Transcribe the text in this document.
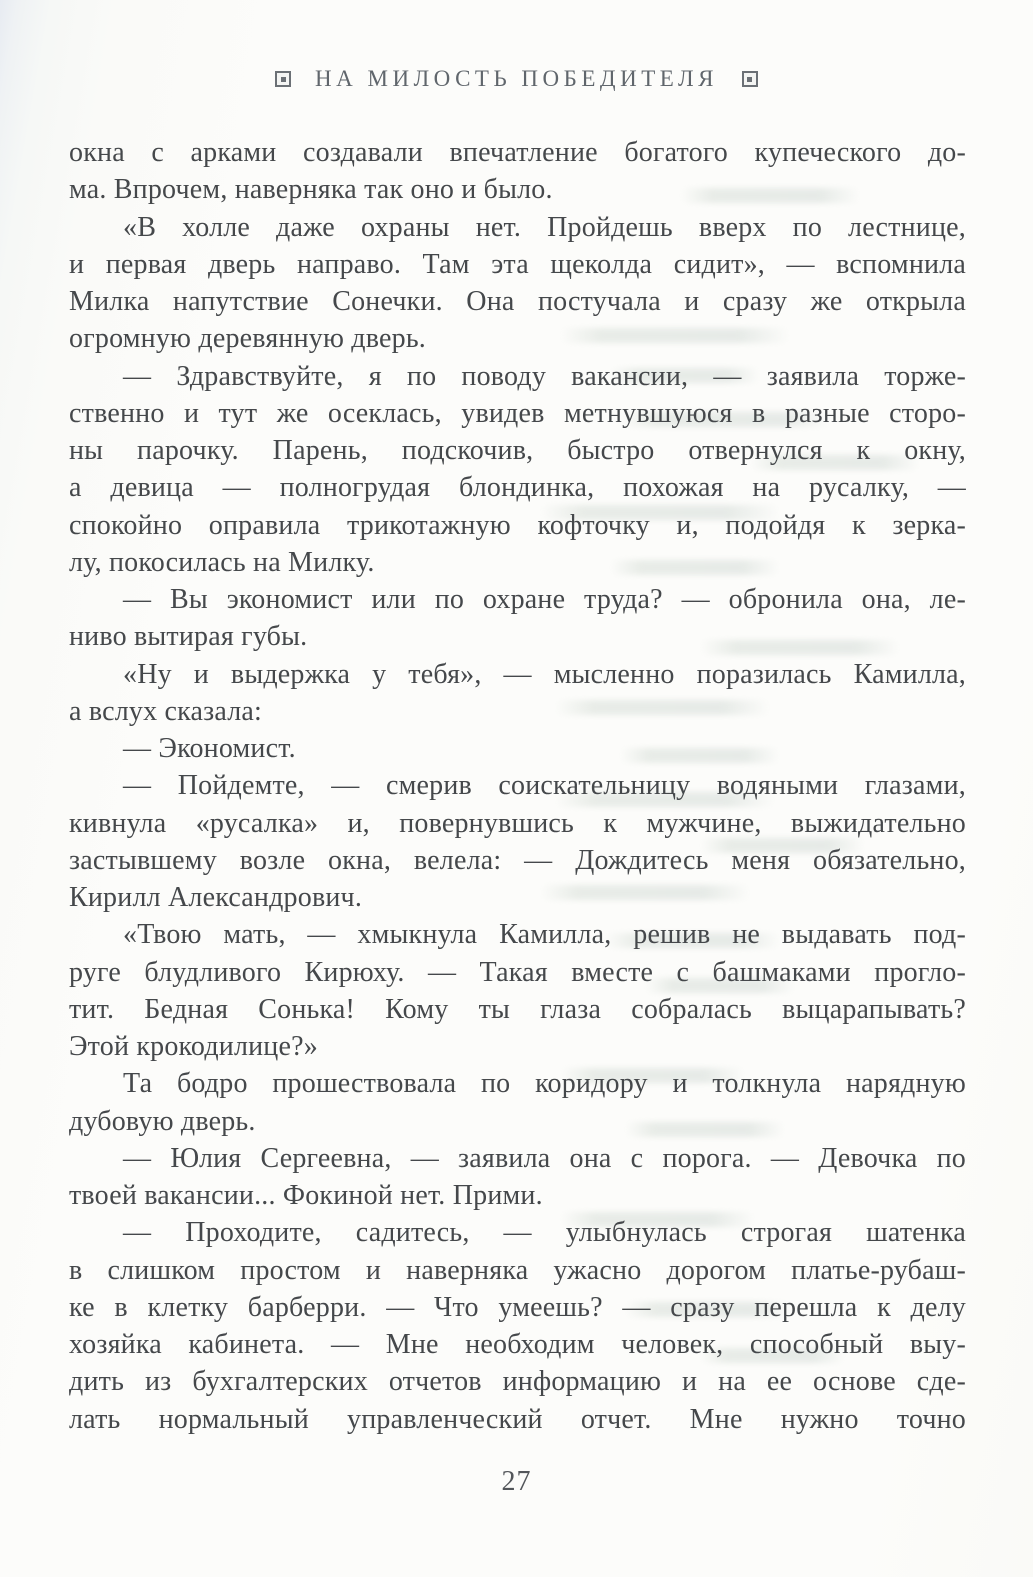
НА МИЛОСТЬ ПОБЕДИТЕЛЯ
окна с арками создавали впечатление богатого купеческого до-
ма. Впрочем, наверняка так оно и было.
«В холле даже охраны нет. Пройдешь вверх по лестнице,
и первая дверь направо. Там эта щеколда сидит», — вспомнила
Милка напутствие Сонечки. Она постучала и сразу же открыла
огромную деревянную дверь.
— Здравствуйте, я по поводу вакансии, — заявила торже-
ственно и тут же осеклась, увидев метнувшуюся в разные сторо-
ны парочку. Парень, подскочив, быстро отвернулся к окну,
а девица — полногрудая блондинка, похожая на русалку, —
спокойно оправила трикотажную кофточку и, подойдя к зерка-
лу, покосилась на Милку.
— Вы экономист или по охране труда? — обронила она, ле-
ниво вытирая губы.
«Ну и выдержка у тебя», — мысленно поразилась Камилла,
а вслух сказала:
— Экономист.
— Пойдемте, — смерив соискательницу водяными глазами,
кивнула «русалка» и, повернувшись к мужчине, выжидательно
застывшему возле окна, велела: — Дождитесь меня обязательно,
Кирилл Александрович.
«Твою мать, — хмыкнула Камилла, решив не выдавать под-
руге блудливого Кирюху. — Такая вместе с башмаками прогло-
тит. Бедная Сонька! Кому ты глаза собралась выцарапывать?
Этой крокодилице?»
Та бодро прошествовала по коридору и толкнула нарядную
дубовую дверь.
— Юлия Сергеевна, — заявила она с порога. — Девочка по
твоей вакансии... Фокиной нет. Прими.
— Проходите, садитесь, — улыбнулась строгая шатенка
в слишком простом и наверняка ужасно дорогом платье-рубаш-
ке в клетку барберри. — Что умеешь? — сразу перешла к делу
хозяйка кабинета. — Мне необходим человек, способный выу-
дить из бухгалтерских отчетов информацию и на ее основе сде-
лать нормальный управленческий отчет. Мне нужно точно
27
